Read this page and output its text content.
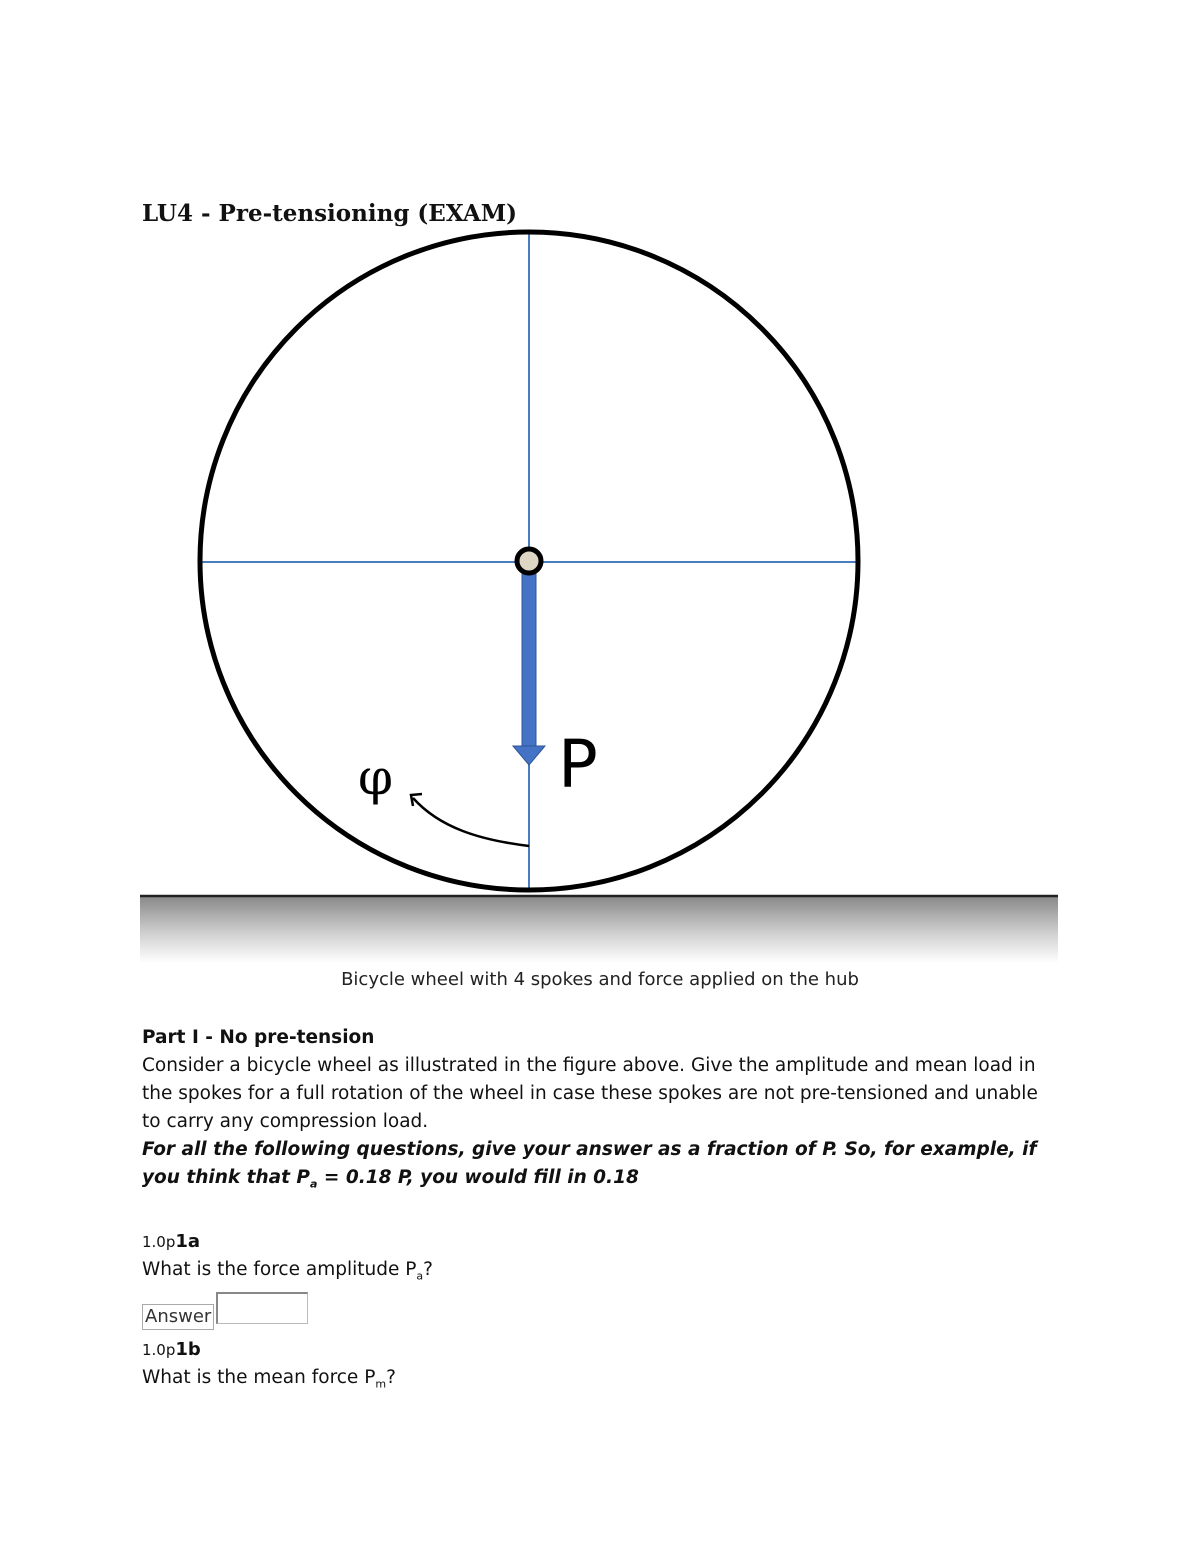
LU4 - Pre-tensioning (EXAM)
P
φ
Bicycle wheel with 4 spokes and force applied on the hub

Part I - No pre-tension

Consider a bicycle wheel as illustrated in the figure above. Give the amplitude and mean load in the spokes for a full rotation of the wheel in case these spokes are not pre-tensioned and unable to carry any compression load.

For all the following questions, give your answer as a fraction of P. So, for example, if you think that $P_a = 0.18$ P, you would fill in 0.18

1.0p1a
What is the force amplitude $P_a$?
Answer
1.0p1b
What is the mean force $P_m$?
